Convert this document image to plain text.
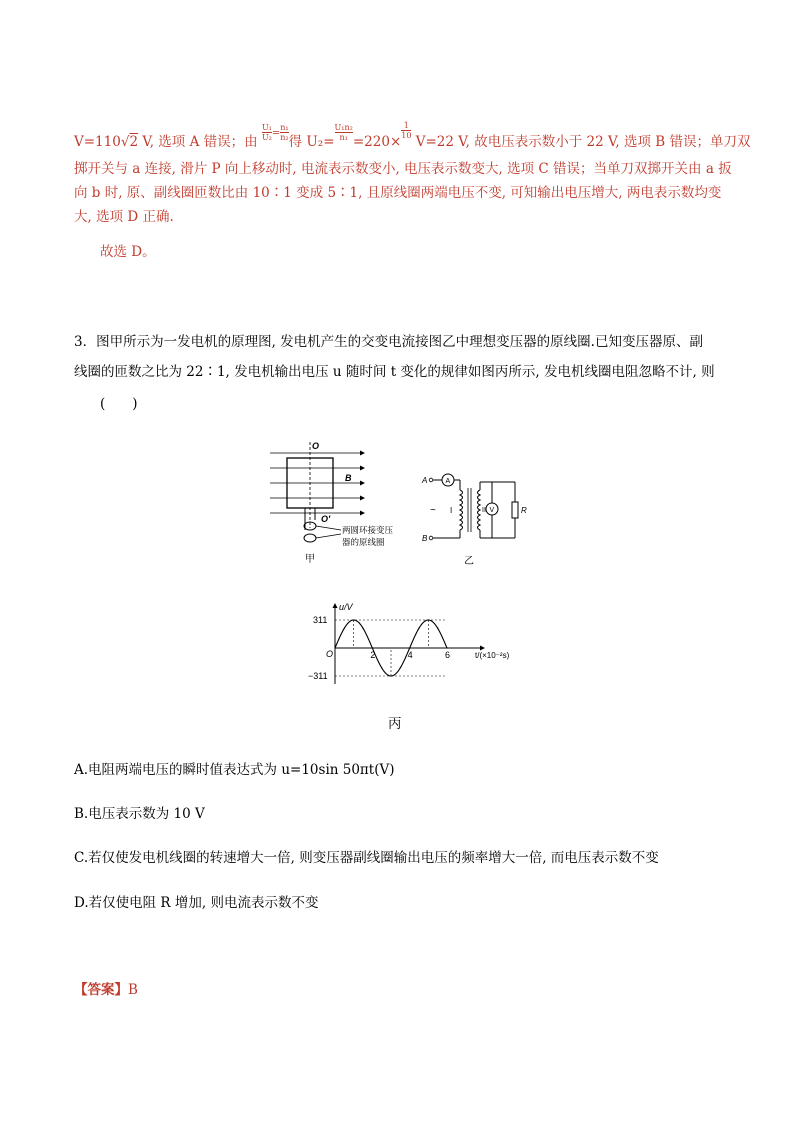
V=110√2 V, 选项 A 错误；由 $\frac{\text{U₁}}{\text{U₂}} ^= \frac{\text{n₁}}{\text{n₂}}$ 得 $U_2= \frac{\text{U₁n₂}}{\text{n₁}} =220\times$
$\frac{1}{10}$
V=22 V, 故电压表示数小于 22 V, 选项 B 错误；单刀双
掷开关与 a 连接, 滑片 P 向上移动时, 电流表示数变小, 电压表示数变大, 选项 C 错误；当单刀双掷开关由 a 扳
向 b 时, 原、副线圈匝数比由 10∶1 变成 5∶1, 且原线圈两端电压不变, 可知输出电压增大, 两电表示数均变
大, 选项 D 正确.
故选 D。
3．图甲所示为一发电机的原理图, 发电机产生的交变电流接图乙中理想变压器的原线圈.已知变压器原、副
线圈的匝数之比为 22∶1, 发电机输出电压 u 随时间 t 变化的规律如图丙所示, 发电机线圈电阻忽略不计, 则
(　　)
O
B
O′
两圆环接变压
器的原线圈
甲
A
B
A
V
~ I	II	R
乙
311
−311
2	4	6
O
u/V
t/(×10⁻²s)
丙
A.电阻两端电压的瞬时值表达式为 u=10sin 50πt(V)
B.电压表示数为 10 V
C.若仅使发电机线圈的转速增大一倍, 则变压器副线圈输出电压的频率增大一倍, 而电压表示数不变
D.若仅使电阻 R 增加, 则电流表示数不变
【答案】B
